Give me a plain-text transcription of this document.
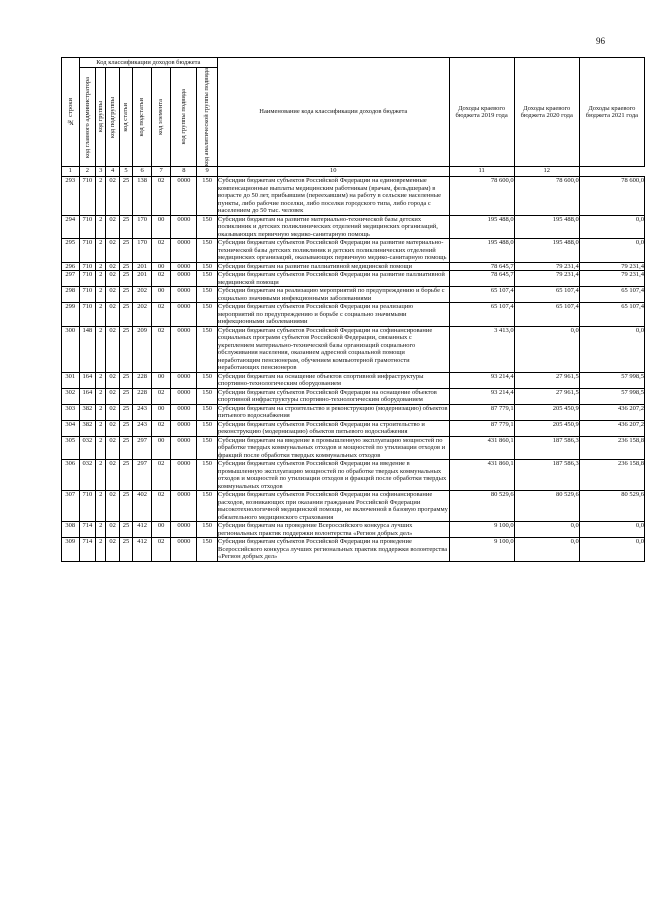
96
№ строки	Код классификации доходов бюджета								Наименование кода классификации доходов бюджета	Доходы краевого бюджета 2019 года	Доходы краевого бюджета 2020 года	Доходы краевого бюджета 2021 года

	код главного администратора	код группы	код подгруппы	код статьи	код подстатьи	код элемента	код группы подвида	код аналитической группы подвида				

1	2	3	4	5	6	7	8	9	10	11	12	
293	710	2	02	25	138	02	0000	150	Субсидии бюджетам субъектов Российской Федерации на единовременные компенсационные выплаты медицинским работникам (врачам, фельдшерам) в возрасте до 50 лет, прибывшим (переехавшим) на работу в сельские населенные пункты, либо рабочие поселки, либо поселки городского типа, либо города с населением до 50 тыс. человек	78 600,0	78 600,0	78 600,0
294	710	2	02	25	170	00	0000	150	Субсидии бюджетам на развитие материально-технической базы детских поликлиник и детских поликлинических отделений медицинских организаций, оказывающих первичную медико-санитарную помощь	195 488,0	195 488,0	0,0
295	710	2	02	25	170	02	0000	150	Субсидии бюджетам субъектов Российской Федерации на развитие материально-технической базы детских поликлиник и детских поликлинических отделений медицинских организаций, оказывающих первичную медико-санитарную помощь	195 488,0	195 488,0	0,0
296	710	2	02	25	201	00	0000	150	Субсидии бюджетам на развитие паллиативной медицинской помощи	78 645,7	79 231,4	79 231,4
297	710	2	02	25	201	02	0000	150	Субсидии бюджетам субъектов Российской Федерации на развитие паллиативной медицинской помощи	78 645,7	79 231,4	79 231,4
298	710	2	02	25	202	00	0000	150	Субсидии бюджетам на реализацию мероприятий по предупреждению и борьбе с социально значимыми инфекционными заболеваниями	65 107,4	65 107,4	65 107,4
299	710	2	02	25	202	02	0000	150	Субсидии бюджетам субъектов Российской Федерации на реализацию мероприятий по предупреждению и борьбе с социально значимыми инфекционными заболеваниями	65 107,4	65 107,4	65 107,4
300	148	2	02	25	209	02	0000	150	Субсидии бюджетам субъектов Российской Федерации на софинансирование социальных программ субъектов Российской Федерации, связанных с укреплением материально-технической базы организаций социального обслуживания населения, оказанием адресной социальной помощи неработающим пенсионерам, обучением компьютерной грамотности неработающих пенсионеров	3 413,0	0,0	0,0
301	164	2	02	25	228	00	0000	150	Субсидии бюджетам на оснащение объектов спортивной инфраструктуры спортивно-технологическим оборудованием	93 214,4	27 961,5	57 998,5
302	164	2	02	25	228	02	0000	150	Субсидии бюджетам субъектов Российской Федерации на оснащение объектов спортивной инфраструктуры спортивно-технологическим оборудованием	93 214,4	27 961,5	57 998,5
303	382	2	02	25	243	00	0000	150	Субсидии бюджетам на строительство и реконструкцию (модернизацию) объектов питьевого водоснабжения	87 779,1	205 450,9	436 207,2
304	382	2	02	25	243	02	0000	150	Субсидии бюджетам субъектов Российской Федерации на строительство и реконструкцию (модернизацию) объектов питьевого водоснабжения	87 779,1	205 450,9	436 207,2
305	032	2	02	25	297	00	0000	150	Субсидии бюджетам на введение в промышленную эксплуатацию мощностей по обработке твердых коммунальных отходов и мощностей по утилизации отходов и фракций после обработки твердых коммунальных отходов	431 860,1	187 586,3	236 158,8
306	032	2	02	25	297	02	0000	150	Субсидии бюджетам субъектов Российской Федерации на введение в промышленную эксплуатацию мощностей по обработке твердых коммунальных отходов и мощностей по утилизации отходов и фракций после обработки твердых коммунальных отходов	431 860,1	187 586,3	236 158,8
307	710	2	02	25	402	02	0000	150	Субсидии бюджетам субъектов Российской Федерации на софинансирование расходов, возникающих при оказании гражданам Российской Федерации высокотехнологичной медицинской помощи, не включенной в базовую программу обязательного медицинского страхования	80 529,6	80 529,6	80 529,6
308	714	2	02	25	412	00	0000	150	Субсидии бюджетам на проведение Всероссийского конкурса лучших региональных практик поддержки волонтерства «Регион добрых дел»	9 100,0	0,0	0,0
309	714	2	02	25	412	02	0000	150	Субсидии бюджетам субъектов Российской Федерации на проведение Всероссийского конкурса лучших региональных практик поддержки волонтерства «Регион добрых дел»	9 100,0	0,0	0,0
